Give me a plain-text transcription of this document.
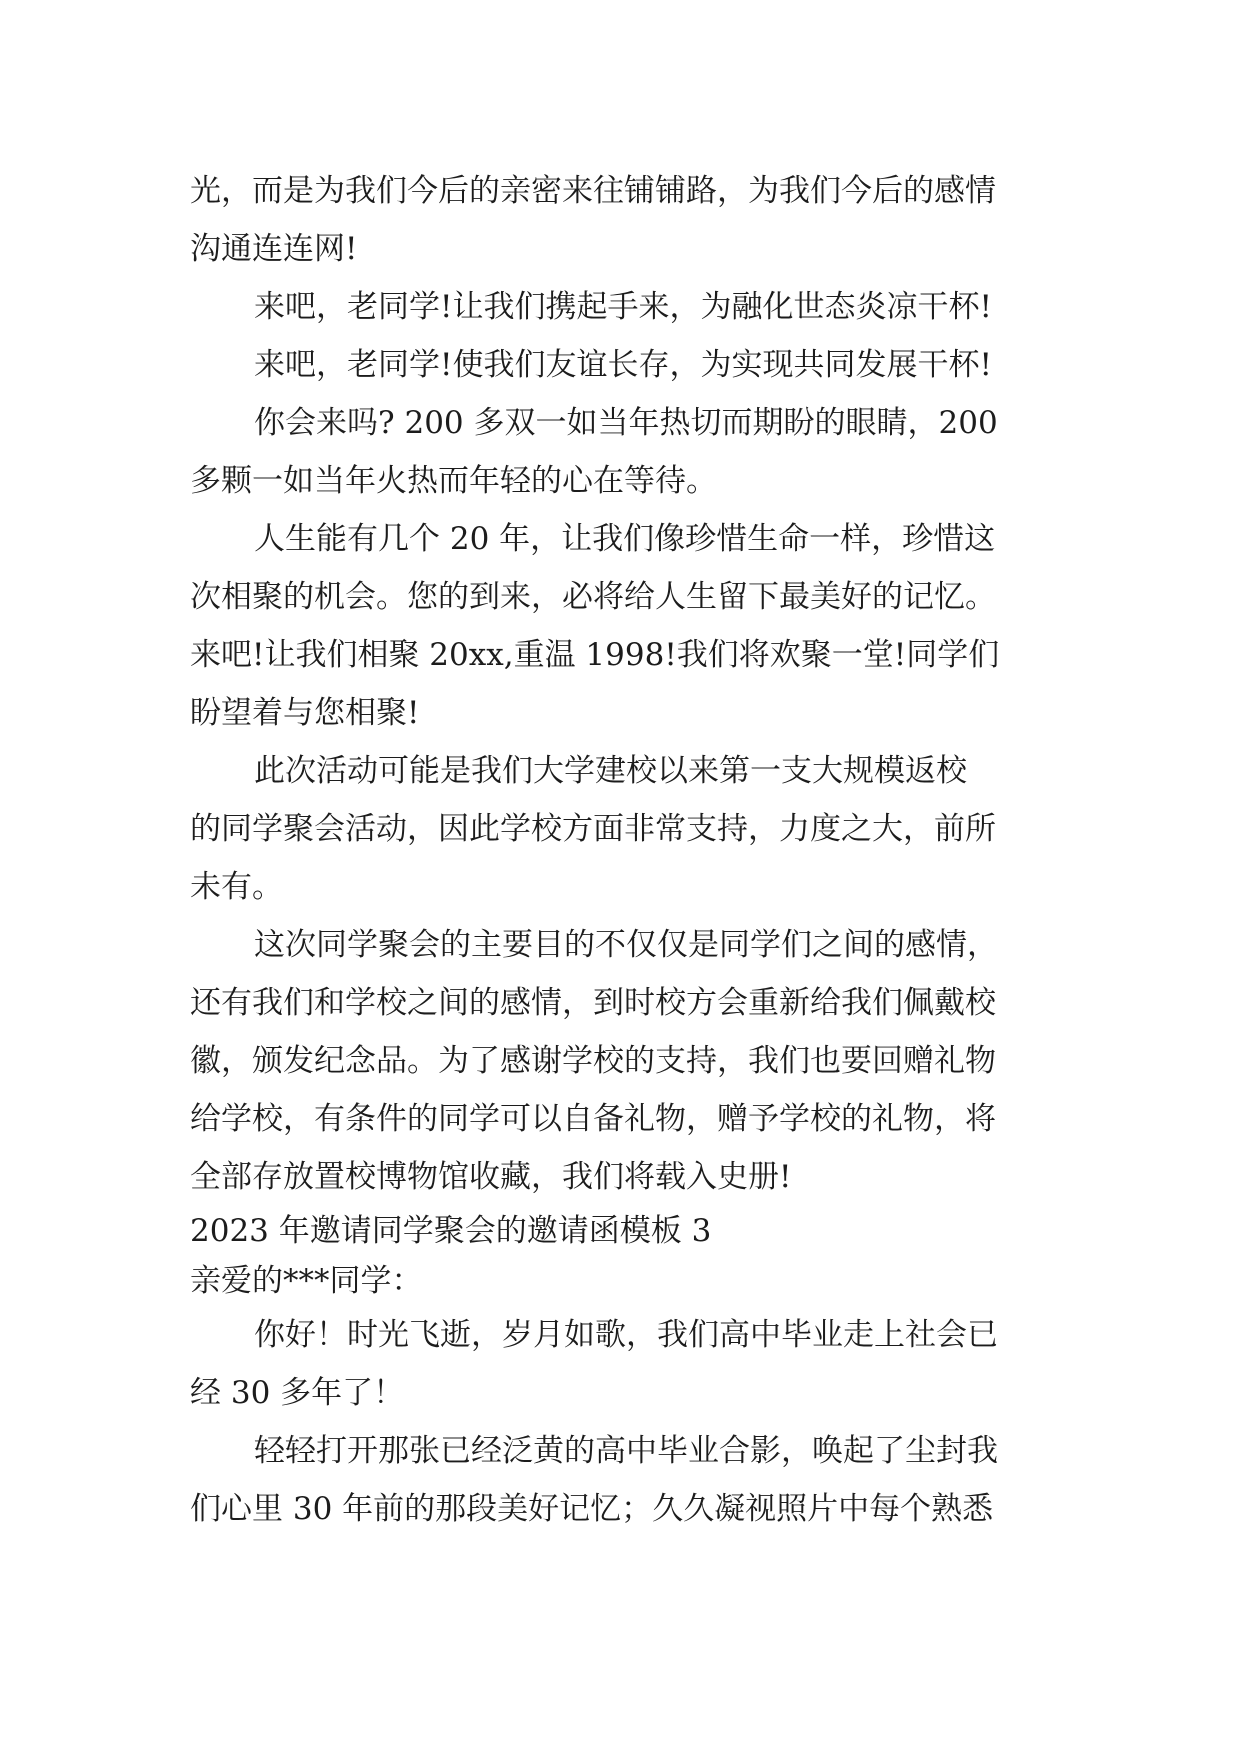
光，而是为我们今后的亲密来往铺铺路，为我们今后的感情
沟通连连网!
来吧，老同学!让我们携起手来，为融化世态炎凉干杯!
来吧，老同学!使我们友谊长存，为实现共同发展干杯!
你会来吗? 200 多双一如当年热切而期盼的眼睛，200
多颗一如当年火热而年轻的心在等待。
人生能有几个 20 年，让我们像珍惜生命一样，珍惜这
次相聚的机会。您的到来，必将给人生留下最美好的记忆。
来吧!让我们相聚 20xx,重温 1998!我们将欢聚一堂!同学们
盼望着与您相聚!
此次活动可能是我们大学建校以来第一支大规模返校
的同学聚会活动，因此学校方面非常支持，力度之大，前所
未有。
这次同学聚会的主要目的不仅仅是同学们之间的感情，
还有我们和学校之间的感情，到时校方会重新给我们佩戴校
徽，颁发纪念品。为了感谢学校的支持，我们也要回赠礼物
给学校，有条件的同学可以自备礼物，赠予学校的礼物，将
全部存放置校博物馆收藏，我们将载入史册!
2023 年邀请同学聚会的邀请函模板 3
亲爱的***同学：
你好！时光飞逝，岁月如歌，我们高中毕业走上社会已
经 30 多年了！
轻轻打开那张已经泛黄的高中毕业合影，唤起了尘封我
们心里 30 年前的那段美好记忆；久久凝视照片中每个熟悉
